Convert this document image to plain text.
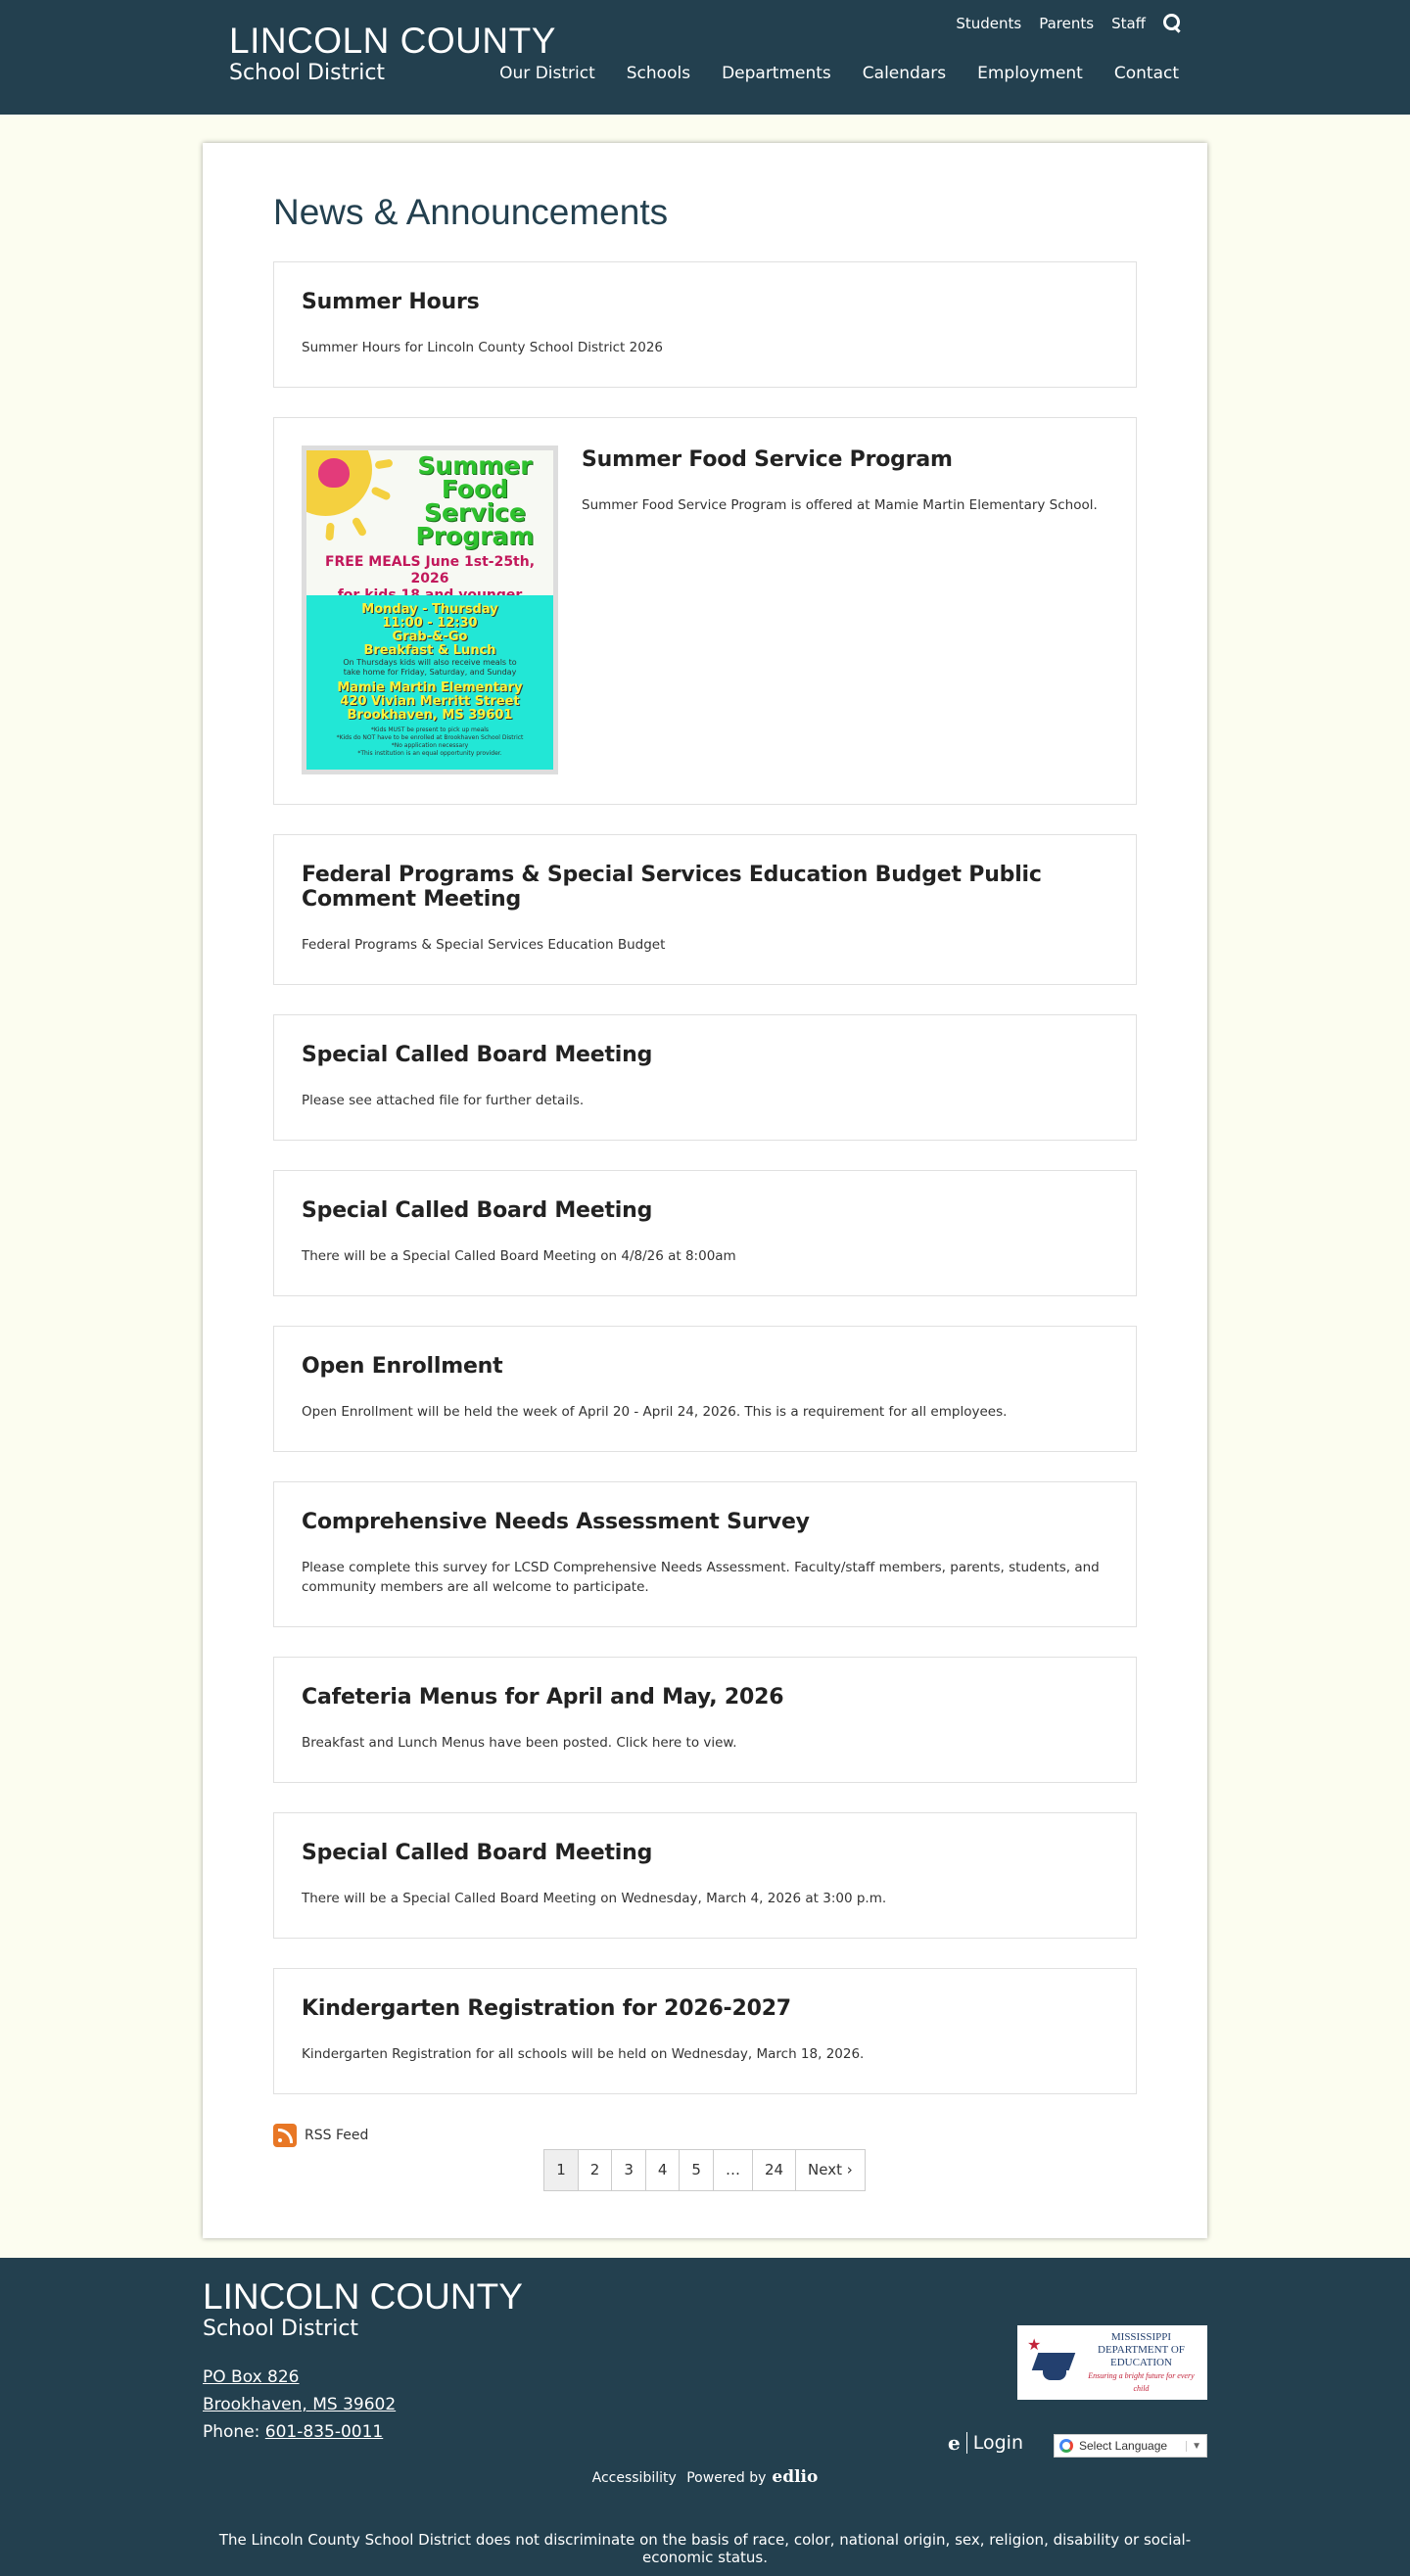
LINCOLN COUNTY
School District
Students Parents Staff
Our District Schools Departments Calendars Employment Contact
News & Announcements
Summer Hours

Summer Hours for Lincoln County School District 2026

Summer
Food
Service
Program
FREE MEALS June 1st-25th, 2026
Monday - Thursday
11:00 - 12:30
Grab-&-Go
Breakfast & Lunch
On Thursdays kids will also receive meals to
take home for Friday, Saturday, and Sunday
Mamie Martin Elementary
420 Vivian Merritt Street
Brookhaven, MS 39601
*Kids MUST be present to pick up meals
*Kids do NOT have to be enrolled at Brookhaven School District
*No application necessary
*This institution is an equal opportunity provider.
Summer Food Service Program

Summer Food Service Program is offered at Mamie Martin Elementary School.

Federal Programs & Special Services Education Budget Public Comment Meeting

Federal Programs & Special Services Education Budget

Special Called Board Meeting

Please see attached file for further details.

Special Called Board Meeting

There will be a Special Called Board Meeting on 4/8/26 at 8:00am

Open Enrollment

Open Enrollment will be held the week of April 20 - April 24, 2026. This is a requirement for all employees.

Comprehensive Needs Assessment Survey

Please complete this survey for LCSD Comprehensive Needs Assessment. Faculty/staff members, parents, students, and community members are all welcome to participate.

Cafeteria Menus for April and May, 2026

Breakfast and Lunch Menus have been posted. Click here to view.

Special Called Board Meeting

There will be a Special Called Board Meeting on Wednesday, March 4, 2026 at 3:00 p.m.

Kindergarten Registration for 2026-2027

Kindergarten Registration for all schools will be held on Wednesday, March 18, 2026.

RSS Feed
1	2	3	4	5	…	24	Next ›
LINCOLN COUNTY
School District
PO Box 826
Brookhaven, MS 39602
Phone: 601-835-0011
★	MISSISSIPPI
DEPARTMENT OF
EDUCATION
Ensuring a bright future for every child
e Login	Select Language	▼
Accessibility Powered by edlio
The Lincoln County School District does not discriminate on the basis of race, color, national origin, sex, religion, disability or social-economic status.
